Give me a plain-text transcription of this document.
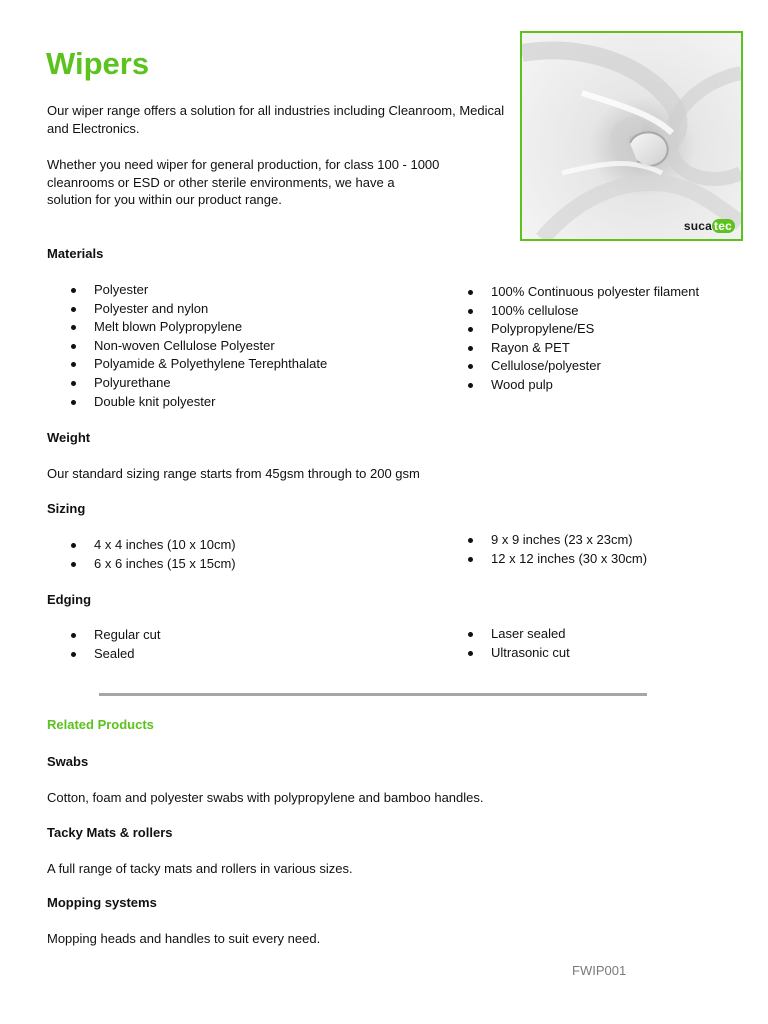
Wipers

Our wiper range offers a solution for all industries including Cleanroom, Medical and Electronics.

Whether you need wiper for general production, for class 100 - 1000 cleanrooms or ESD or other sterile environments, we have a solution for you within our product range.

suca tec
Materials
Polyester
Polyester and nylon
Melt blown Polypropylene
Non-woven Cellulose Polyester
Polyamide & Polyethylene Terephthalate
Polyurethane
Double knit polyester
100% Continuous polyester filament
100% cellulose
Polypropylene/ES
Rayon & PET
Cellulose/polyester
Wood pulp
Weight

Our standard sizing range starts from 45gsm through to 200 gsm

Sizing
4 x 4 inches (10 x 10cm)
6 x 6 inches (15 x 15cm)
9 x 9 inches (23 x 23cm)
12 x 12 inches (30 x 30cm)
Edging
Regular cut
Sealed
Laser sealed
Ultrasonic cut
Related Products
Swabs

Cotton, foam and polyester swabs with polypropylene and bamboo handles.

Tacky Mats & rollers

A full range of tacky mats and rollers in various sizes.

Mopping systems

Mopping heads and handles to suit every need.

FWIP001
